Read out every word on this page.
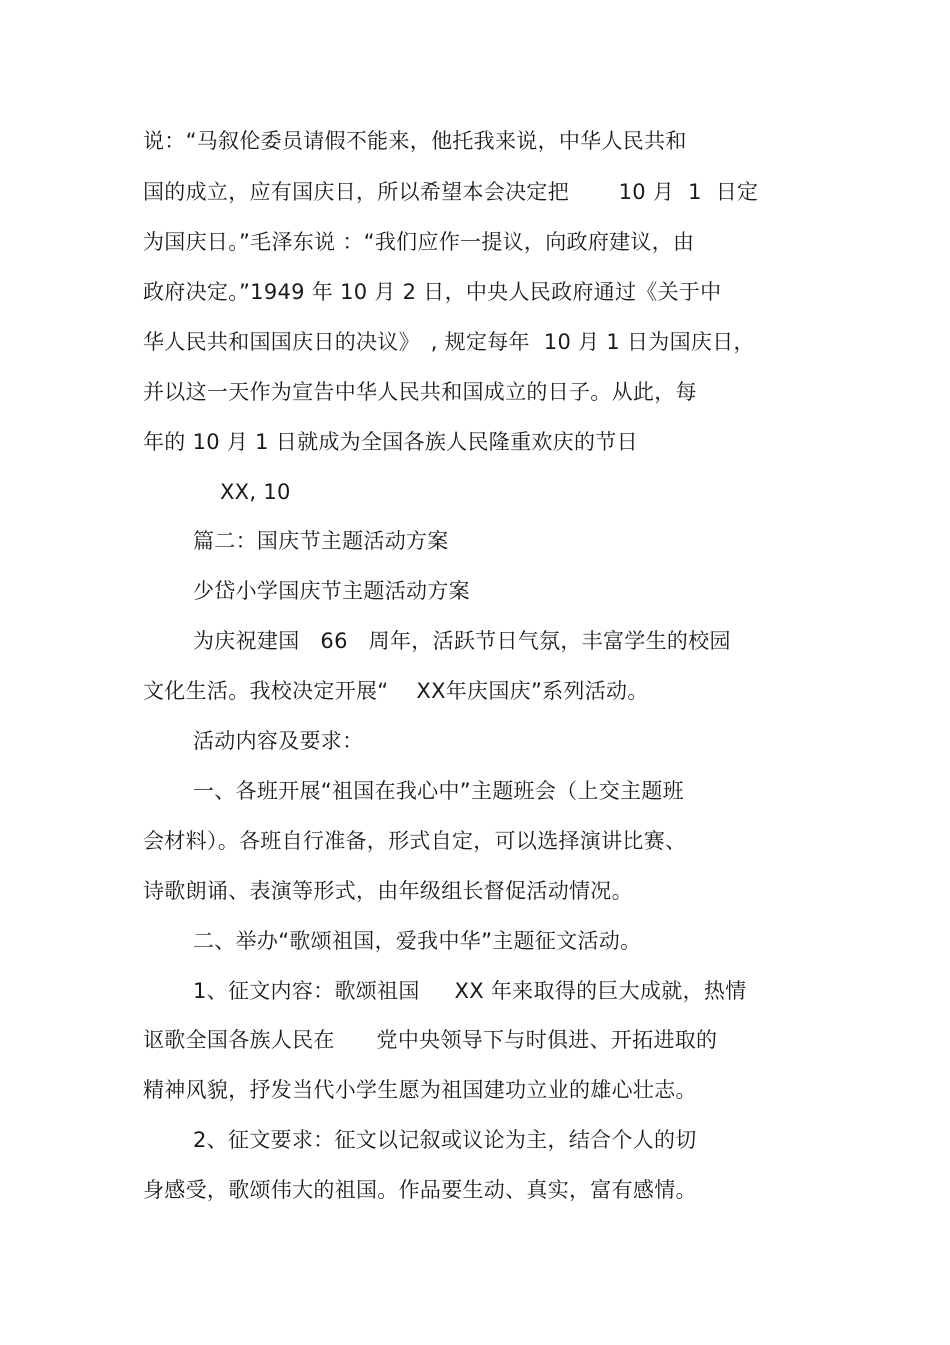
说：“马叙伦委员请假不能来，他托我来说，中华人民共和
国的成立，应有国庆日，所以希望本会决定把　　 10 月  1  日定
为国庆日。”毛泽东说 ：“我们应作一提议，向政府建议，由
政府决定。”1949 年 10 月 2 日，中央人民政府通过《关于中
华人民共和国国庆日的决议》　, 规定每年  10 月 1 日为国庆日，
并以这一天作为宣告中华人民共和国成立的日子。从此，每
年的 10 月 1 日就成为全国各族人民隆重欢庆的节日
XX, 10
篇二：国庆节主题活动方案
少岱小学国庆节主题活动方案
为庆祝建国   66   周年，活跃节日气氛，丰富学生的校园
文化生活。我校决定开展“    XX年庆国庆”系列活动。
活动内容及要求：
一、各班开展“祖国在我心中”主题班会（上交主题班
会材料）。各班自行准备，形式自定，可以选择演讲比赛、
诗歌朗诵、表演等形式，由年级组长督促活动情况。
二、举办“歌颂祖国，爱我中华”主题征文活动。
1、征文内容：歌颂祖国     XX 年来取得的巨大成就，热情
讴歌全国各族人民在      党中央领导下与时俱进、开拓进取的
精神风貌，抒发当代小学生愿为祖国建功立业的雄心壮志。
2、征文要求：征文以记叙或议论为主，结合个人的切
身感受，歌颂伟大的祖国。作品要生动、真实，富有感情。
